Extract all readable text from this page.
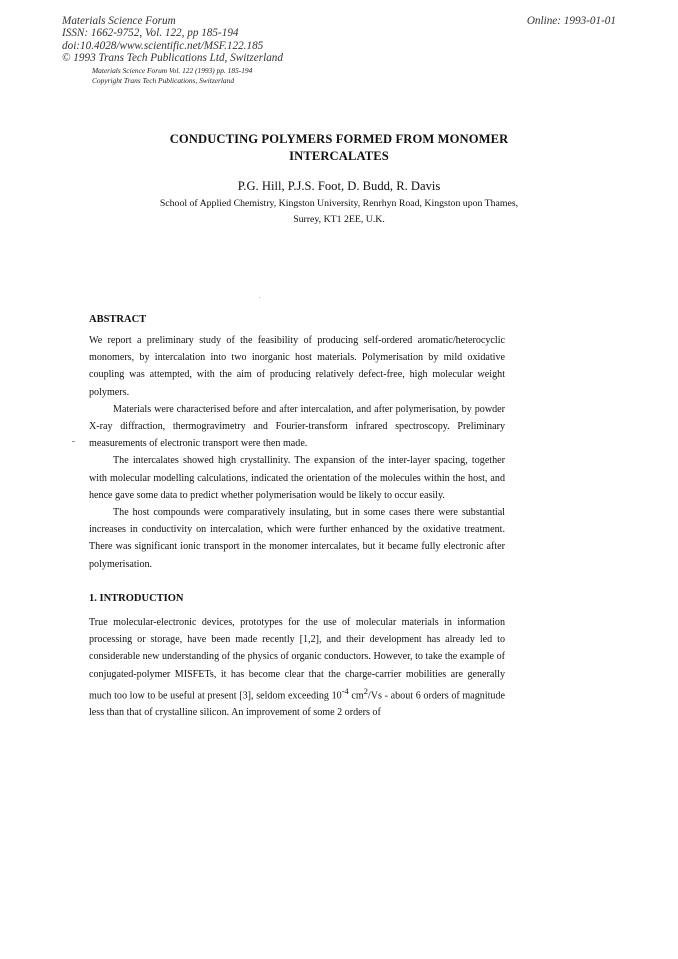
Materials Science Forum
ISSN: 1662-9752, Vol. 122, pp 185-194
doi:10.4028/www.scientific.net/MSF.122.185
© 1993 Trans Tech Publications Ltd, Switzerland
Online: 1993-01-01
Materials Science Forum Vol. 122 (1993) pp. 185-194
Copyright Trans Tech Publications, Switzerland
CONDUCTING POLYMERS FORMED FROM MONOMER
INTERCALATES
P.G. Hill, P.J.S. Foot, D. Budd, R. Davis
School of Applied Chemistry, Kingston University, Renrhyn Road, Kingston upon Thames,
Surrey, KT1 2EE, U.K.
ABSTRACT

We report a preliminary study of the feasibility of producing self-ordered aromatic/heterocyclic monomers, by intercalation into two inorganic host materials. Polymerisation by mild oxidative coupling was attempted, with the aim of producing relatively defect-free, high molecular weight polymers.

Materials were characterised before and after intercalation, and after polymerisation, by powder X-ray diffraction, thermogravimetry and Fourier-transform infrared spectroscopy. Preliminary measurements of electronic transport were then made.

The intercalates showed high crystallinity. The expansion of the inter-layer spacing, together with molecular modelling calculations, indicated the orientation of the molecules within the host, and hence gave some data to predict whether polymerisation would be likely to occur easily.

The host compounds were comparatively insulating, but in some cases there were substantial increases in conductivity on intercalation, which were further enhanced by the oxidative treatment. There was significant ionic transport in the monomer intercalates, but it became fully electronic after polymerisation.

1. INTRODUCTION

True molecular-electronic devices, prototypes for the use of molecular materials in information processing or storage, have been made recently [1,2], and their development has already led to considerable new understanding of the physics of organic conductors. However, to take the example of conjugated-polymer MISFETs, it has become clear that the charge-carrier mobilities are generally much too low to be useful at present [3], seldom exceeding $10^{-4}$ $cm^2/Vs$ - about 6 orders of magnitude less than that of crystalline silicon. An improvement of some 2 orders of
